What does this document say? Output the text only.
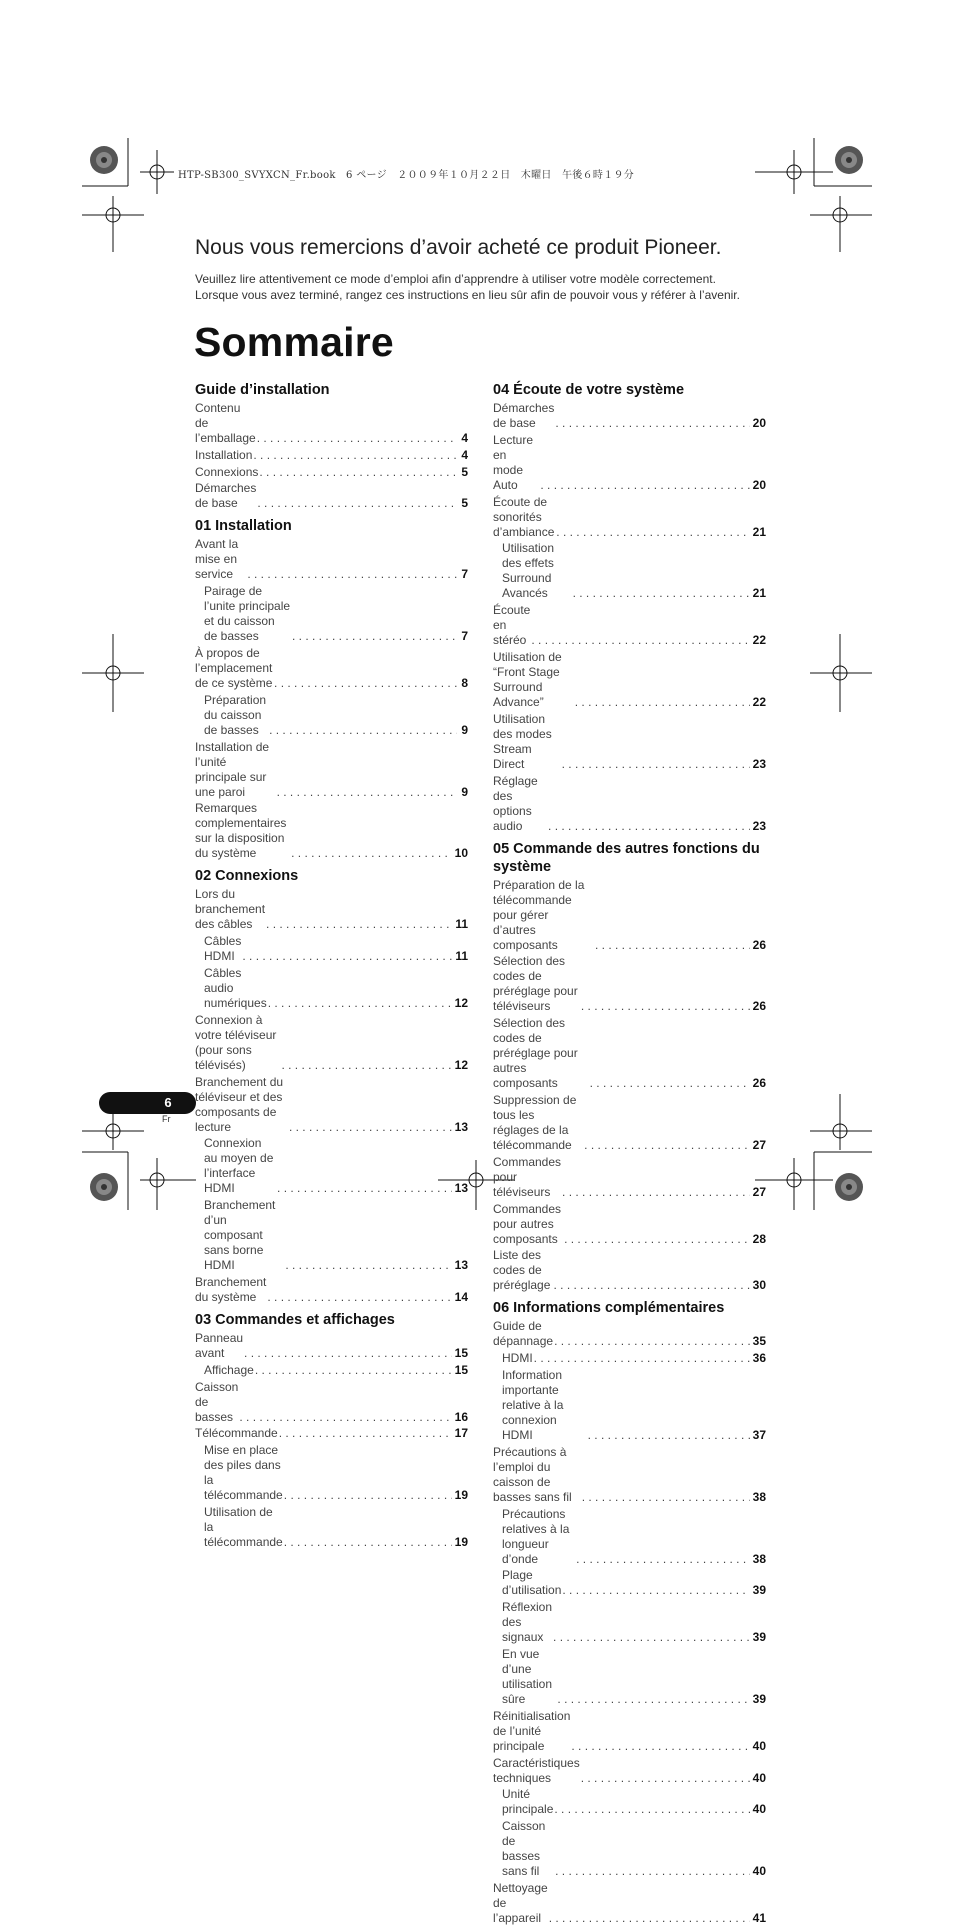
HTP-SB300_SVYXCN_Fr.book　6 ページ　２００９年１０月２２日　木曜日　午後６時１９分
Nous vous remercions d’avoir acheté ce produit Pioneer.

Veuillez lire attentivement ce mode d’emploi afin d’apprendre à utiliser votre modèle correctement.
Lorsque vous avez terminé, rangez ces instructions en lieu sûr afin de pouvoir vous y référer à l’avenir.

Sommaire
Guide d’installation
Contenu de l’emballage . . .	4
Installation . . .	4
Connexions . . .	5
Démarches de base . . .	5
01 Installation
Avant la mise en service . . .	7
Pairage de l’unite principale et du caisson de basses . . .	7
À propos de l’emplacement de ce système . . .	8
Préparation du caisson de basses . . .	9
Installation de l’unité principale sur une paroi . . .	9
Remarques complementaires sur la disposition du système . . .	10
02 Connexions
Lors du branchement des câbles . . .	11
Câbles HDMI . . .	11
Câbles audio numériques . . .	12
Connexion à votre téléviseur (pour sons télévisés) . . .	12
Branchement du téléviseur et des composants de lecture . . .	13
Connexion au moyen de l’interface HDMI . . .	13
Branchement d’un composant sans borne HDMI . . .	13
Branchement du système . . .	14
03 Commandes et affichages
Panneau avant . . .	15
Affichage . . .	15
Caisson de basses . . .	16
Télécommande . . .	17
Mise en place des piles dans la télécommande . . .	19
Utilisation de la télécommande . . .	19
04 Écoute de votre système
Démarches de base . . .	20
Lecture en mode Auto . . .	20
Écoute de sonorités d’ambiance . . .	21
Utilisation des effets Surround Avancés . . .	21
Écoute en stéréo . . .	22
Utilisation de “Front Stage Surround Advance” . . .	22
Utilisation des modes Stream Direct . . .	23
Réglage des options audio . . .	23
05 Commande des autres fonctions du système
Préparation de la télécommande pour gérer d’autres composants . . .	26
Sélection des codes de préréglage pour téléviseurs . . .	26
Sélection des codes de préréglage pour autres composants . . .	26
Suppression de tous les réglages de la télécommande . . .	27
Commandes pour téléviseurs . . .	27
Commandes pour autres composants . . .	28
Liste des codes de préréglage . . .	30
06 Informations complémentaires
Guide de dépannage . . .	35
HDMI . . .	36
Information importante relative à la connexion HDMI . . .	37
Précautions à l’emploi du caisson de basses sans fil . . .	38
Précautions relatives à la longueur d’onde . . .	38
Plage d’utilisation . . .	39
Réflexion des signaux . . .	39
En vue d’une utilisation sûre . . .	39
Réinitialisation de l’unité principale . . .	40
Caractéristiques techniques . . .	40
Unité principale . . .	40
Caisson de basses sans fil . . .	40
Nettoyage de l’appareil . . .	41
6
Fr
